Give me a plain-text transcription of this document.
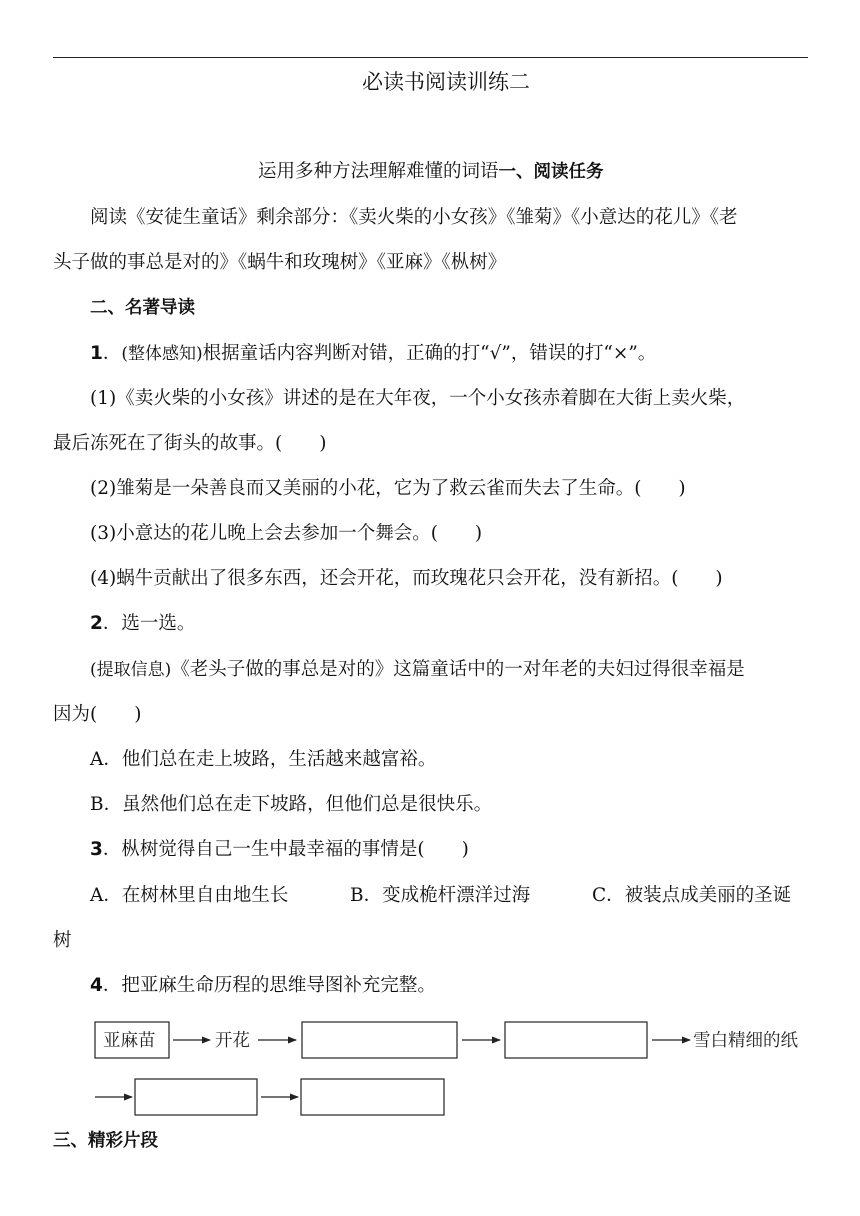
必读书阅读训练二
运用多种方法理解难懂的词语一、阅读任务
阅读《安徒生童话》剩余部分：《卖火柴的小女孩》《雏菊》《小意达的花儿》《老
头子做的事总是对的》《蜗牛和玫瑰树》《亚麻》《枞树》
二、名著导读
1．(整体感知)根据童话内容判断对错，正确的打“√”，错误的打“×”。
(1)《卖火柴的小女孩》讲述的是在大年夜，一个小女孩赤着脚在大街上卖火柴，
最后冻死在了街头的故事。(　　)
(2)雏菊是一朵善良而又美丽的小花，它为了救云雀而失去了生命。(　　)
(3)小意达的花儿晚上会去参加一个舞会。(　　)
(4)蜗牛贡献出了很多东西，还会开花，而玫瑰花只会开花，没有新招。(　　)
2．选一选。
(提取信息)《老头子做的事总是对的》这篇童话中的一对年老的夫妇过得很幸福是
因为(　　)
A．他们总在走上坡路，生活越来越富裕。
B．虽然他们总在走下坡路，但他们总是很快乐。
3．枞树觉得自己一生中最幸福的事情是(　　)
A．在树林里自由地生长	B．变成桅杆漂洋过海	C．被装点成美丽的圣诞
树
4．把亚麻生命历程的思维导图补充完整。
亚麻苗	开花	雪白精细的纸
三、精彩片段
